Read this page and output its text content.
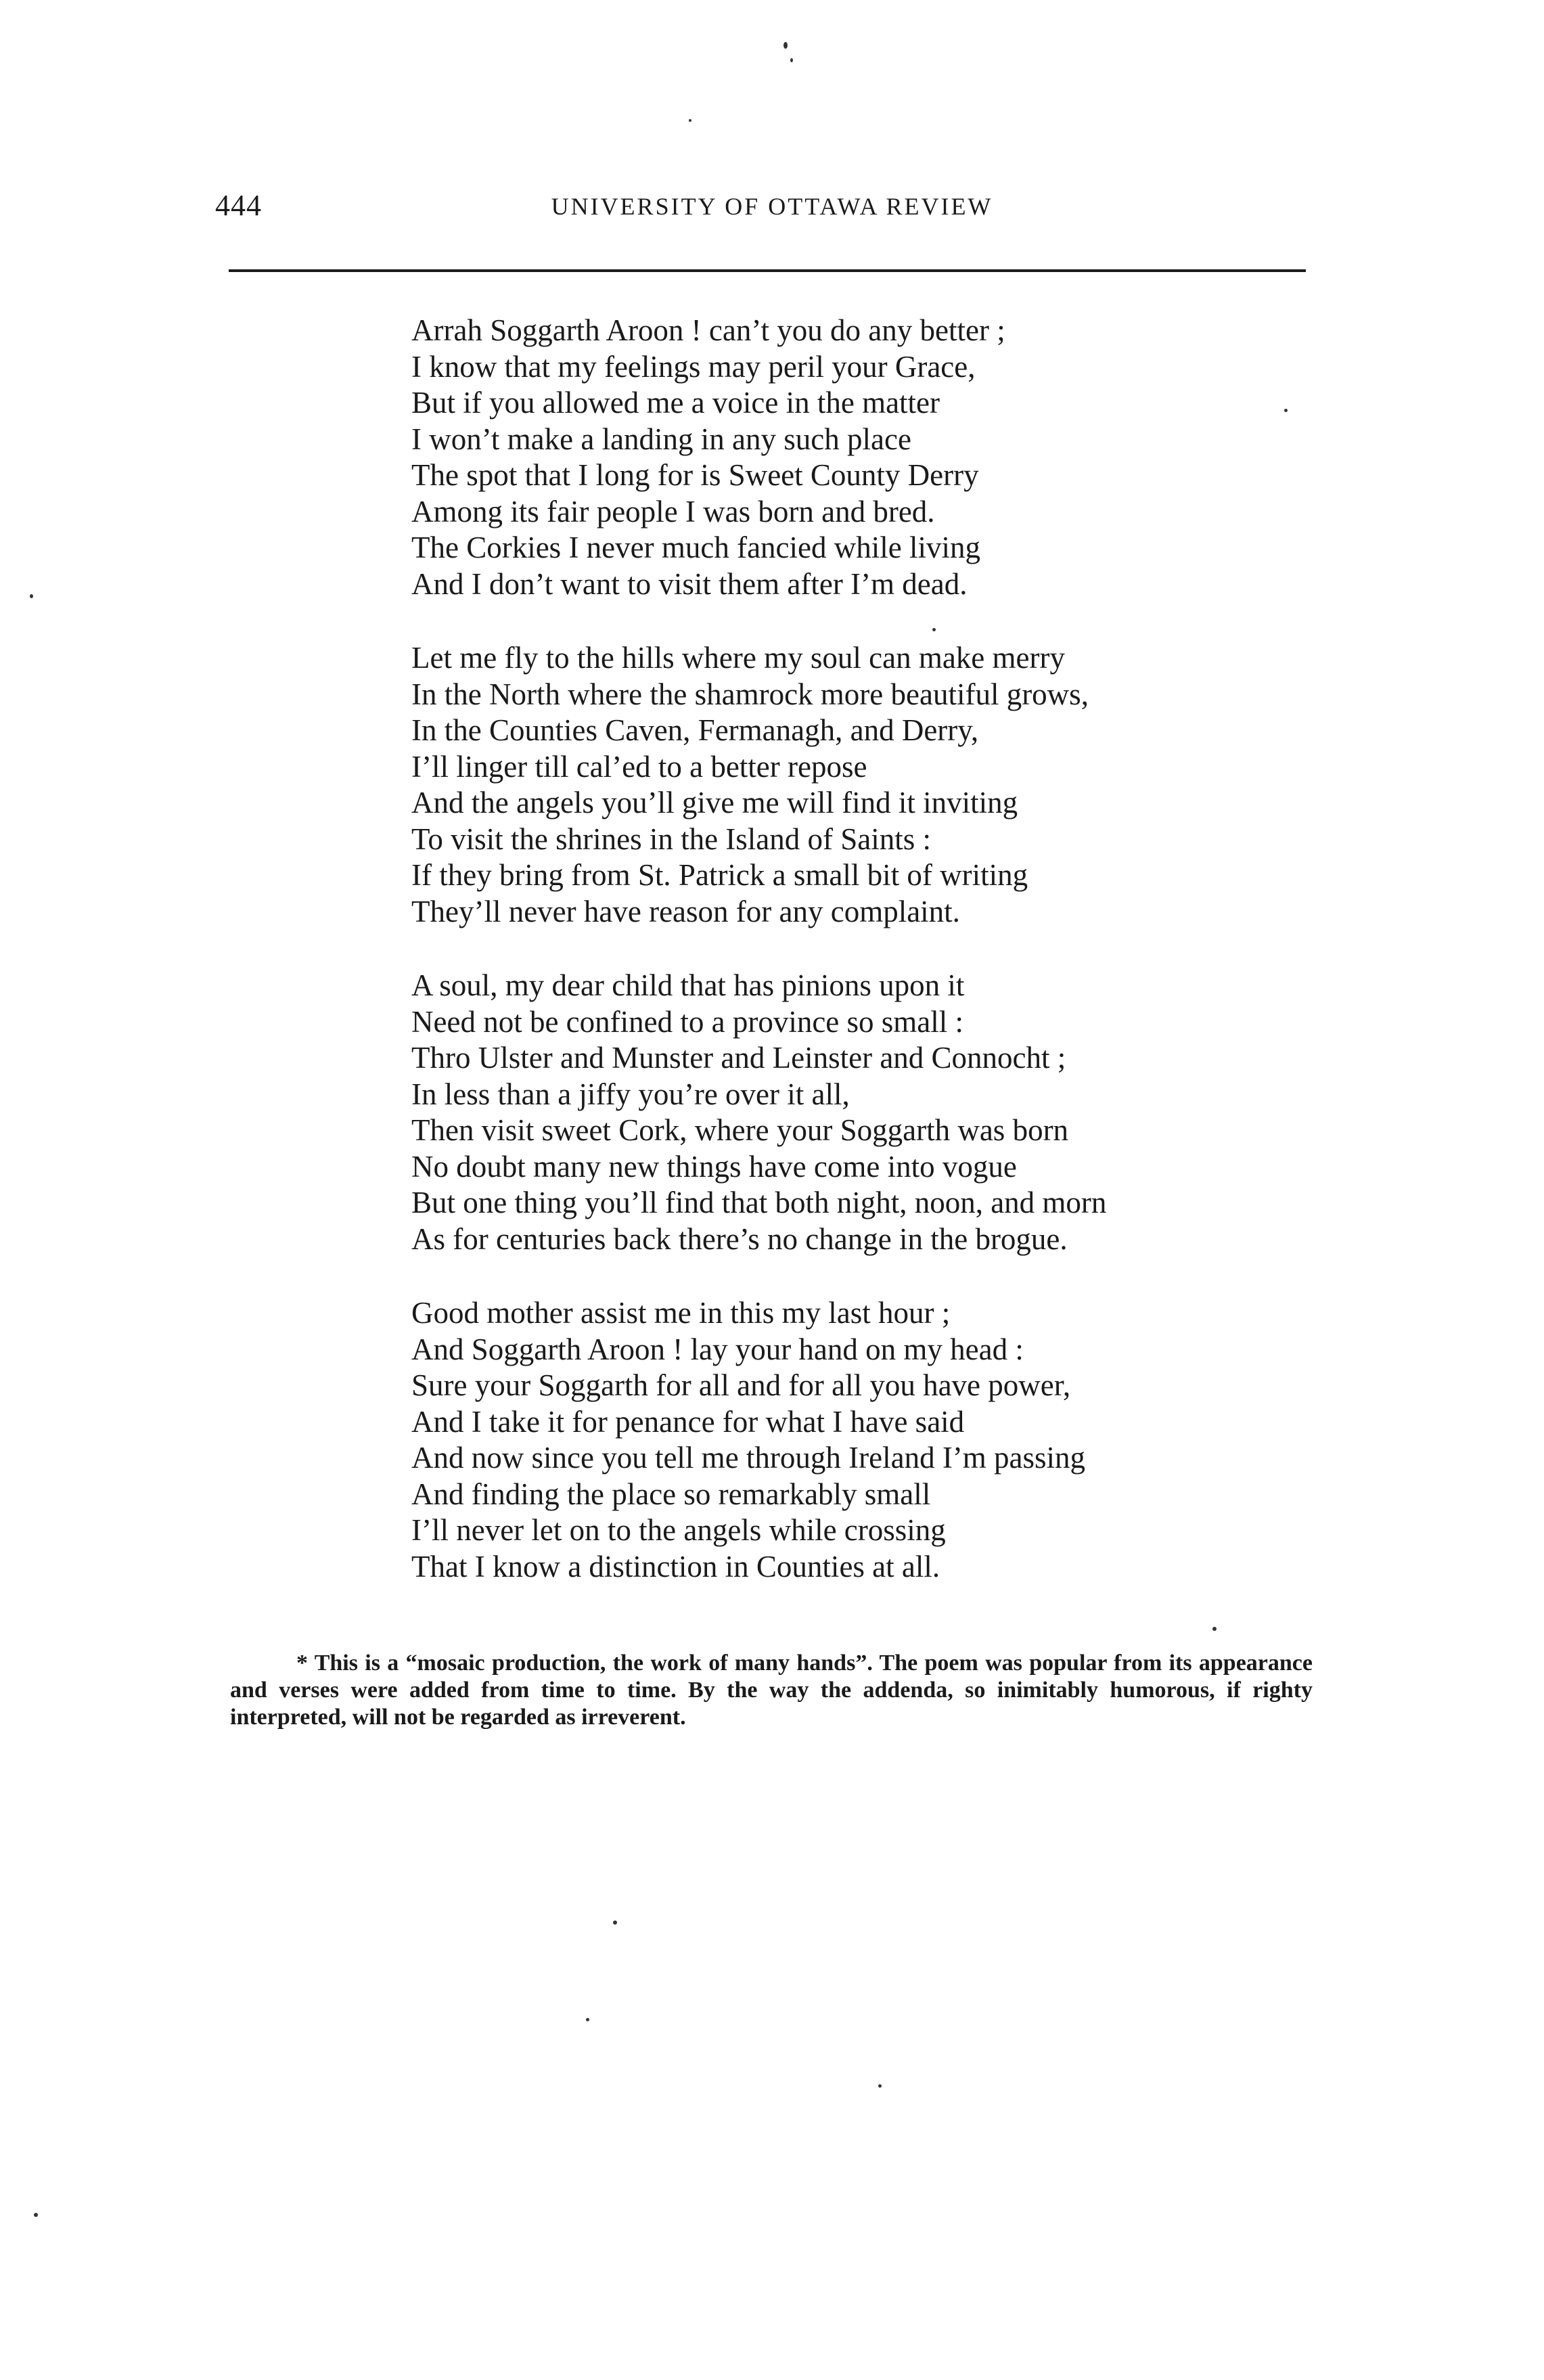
444	UNIVERSITY OF OTTAWA REVIEW
Arrah Soggarth Aroon ! can’t you do any better ;
I know that my feelings may peril your Grace,
But if you allowed me a voice in the matter
I won’t make a landing in any such place
The spot that I long for is Sweet County Derry
Among its fair people I was born and bred.
The Corkies I never much fancied while living
And I don’t want to visit them after I’m dead.
Let me fly to the hills where my soul can make merry
In the North where the shamrock more beautiful grows,
In the Counties Caven, Fermanagh, and Derry,
I’ll linger till cal’ed to a better repose
And the angels you’ll give me will find it inviting
To visit the shrines in the Island of Saints :
If they bring from St. Patrick a small bit of writing
They’ll never have reason for any complaint.
A soul, my dear child that has pinions upon it
Need not be confined to a province so small :
Thro Ulster and Munster and Leinster and Connocht ;
In less than a jiffy you’re over it all,
Then visit sweet Cork, where your Soggarth was born
No doubt many new things have come into vogue
But one thing you’ll find that both night, noon, and morn
As for centuries back there’s no change in the brogue.
Good mother assist me in this my last hour ;
And Soggarth Aroon ! lay your hand on my head :
Sure your Soggarth for all and for all you have power,
And I take it for penance for what I have said
And now since you tell me through Ireland I’m passing
And finding the place so remarkably small
I’ll never let on to the angels while crossing
That I know a distinction in Counties at all.
* This is a “mosaic production, the work of many hands”. The poem was popular from its appearance and verses were added from time to time. By the way the addenda, so inimitably humorous, if righty interpreted, will not be regarded as irreverent.
